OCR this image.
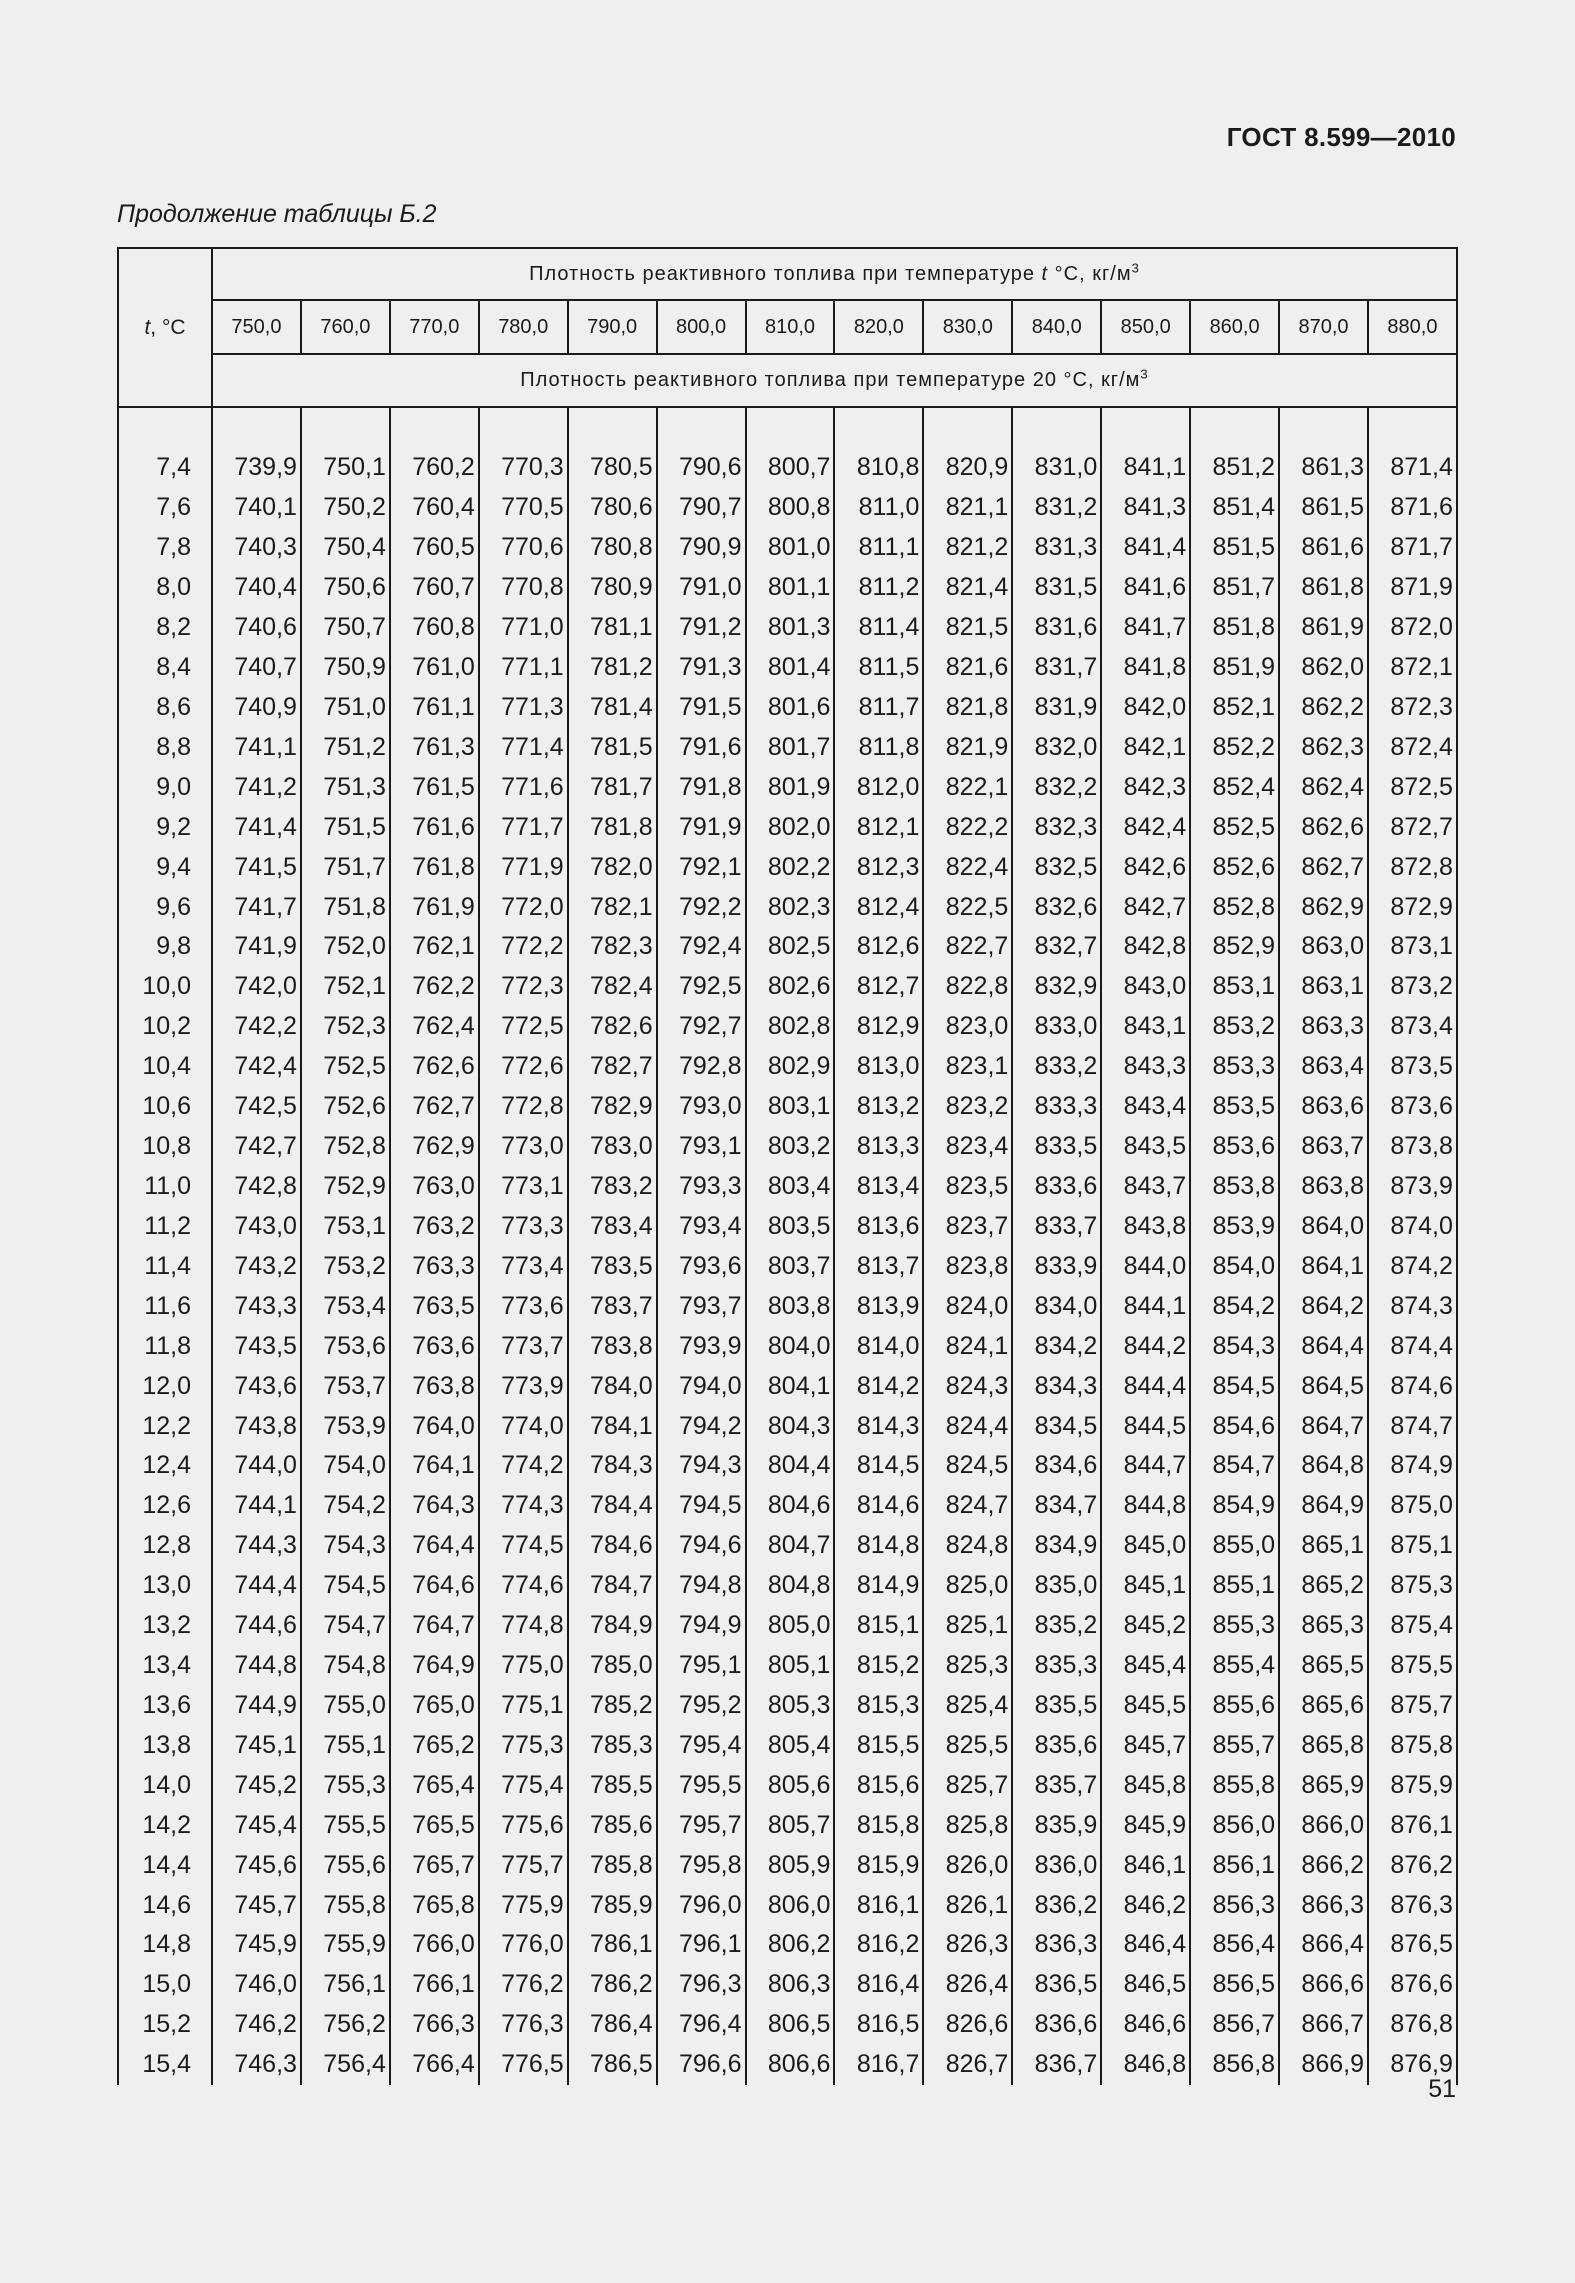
ГОСТ 8.599—2010
Продолжение таблицы Б.2
t, °С	Плотность реактивного топлива при температуре t °С, $кг/м^3$
	750,0	760,0	770,0	780,0	790,0	800,0	810,0	820,0	830,0	840,0	850,0	860,0	870,0	880,0
	Плотность реактивного топлива при температуре 20 °С, $кг/м^3$

7,4	739,9	750,1	760,2	770,3	780,5	790,6	800,7	810,8	820,9	831,0	841,1	851,2	861,3	871,4
7,6	740,1	750,2	760,4	770,5	780,6	790,7	800,8	811,0	821,1	831,2	841,3	851,4	861,5	871,6
7,8	740,3	750,4	760,5	770,6	780,8	790,9	801,0	811,1	821,2	831,3	841,4	851,5	861,6	871,7
8,0	740,4	750,6	760,7	770,8	780,9	791,0	801,1	811,2	821,4	831,5	841,6	851,7	861,8	871,9
8,2	740,6	750,7	760,8	771,0	781,1	791,2	801,3	811,4	821,5	831,6	841,7	851,8	861,9	872,0
8,4	740,7	750,9	761,0	771,1	781,2	791,3	801,4	811,5	821,6	831,7	841,8	851,9	862,0	872,1
8,6	740,9	751,0	761,1	771,3	781,4	791,5	801,6	811,7	821,8	831,9	842,0	852,1	862,2	872,3
8,8	741,1	751,2	761,3	771,4	781,5	791,6	801,7	811,8	821,9	832,0	842,1	852,2	862,3	872,4
9,0	741,2	751,3	761,5	771,6	781,7	791,8	801,9	812,0	822,1	832,2	842,3	852,4	862,4	872,5
9,2	741,4	751,5	761,6	771,7	781,8	791,9	802,0	812,1	822,2	832,3	842,4	852,5	862,6	872,7
9,4	741,5	751,7	761,8	771,9	782,0	792,1	802,2	812,3	822,4	832,5	842,6	852,6	862,7	872,8
9,6	741,7	751,8	761,9	772,0	782,1	792,2	802,3	812,4	822,5	832,6	842,7	852,8	862,9	872,9
9,8	741,9	752,0	762,1	772,2	782,3	792,4	802,5	812,6	822,7	832,7	842,8	852,9	863,0	873,1
10,0	742,0	752,1	762,2	772,3	782,4	792,5	802,6	812,7	822,8	832,9	843,0	853,1	863,1	873,2
10,2	742,2	752,3	762,4	772,5	782,6	792,7	802,8	812,9	823,0	833,0	843,1	853,2	863,3	873,4
10,4	742,4	752,5	762,6	772,6	782,7	792,8	802,9	813,0	823,1	833,2	843,3	853,3	863,4	873,5
10,6	742,5	752,6	762,7	772,8	782,9	793,0	803,1	813,2	823,2	833,3	843,4	853,5	863,6	873,6
10,8	742,7	752,8	762,9	773,0	783,0	793,1	803,2	813,3	823,4	833,5	843,5	853,6	863,7	873,8
11,0	742,8	752,9	763,0	773,1	783,2	793,3	803,4	813,4	823,5	833,6	843,7	853,8	863,8	873,9
11,2	743,0	753,1	763,2	773,3	783,4	793,4	803,5	813,6	823,7	833,7	843,8	853,9	864,0	874,0
11,4	743,2	753,2	763,3	773,4	783,5	793,6	803,7	813,7	823,8	833,9	844,0	854,0	864,1	874,2
11,6	743,3	753,4	763,5	773,6	783,7	793,7	803,8	813,9	824,0	834,0	844,1	854,2	864,2	874,3
11,8	743,5	753,6	763,6	773,7	783,8	793,9	804,0	814,0	824,1	834,2	844,2	854,3	864,4	874,4
12,0	743,6	753,7	763,8	773,9	784,0	794,0	804,1	814,2	824,3	834,3	844,4	854,5	864,5	874,6
12,2	743,8	753,9	764,0	774,0	784,1	794,2	804,3	814,3	824,4	834,5	844,5	854,6	864,7	874,7
12,4	744,0	754,0	764,1	774,2	784,3	794,3	804,4	814,5	824,5	834,6	844,7	854,7	864,8	874,9
12,6	744,1	754,2	764,3	774,3	784,4	794,5	804,6	814,6	824,7	834,7	844,8	854,9	864,9	875,0
12,8	744,3	754,3	764,4	774,5	784,6	794,6	804,7	814,8	824,8	834,9	845,0	855,0	865,1	875,1
13,0	744,4	754,5	764,6	774,6	784,7	794,8	804,8	814,9	825,0	835,0	845,1	855,1	865,2	875,3
13,2	744,6	754,7	764,7	774,8	784,9	794,9	805,0	815,1	825,1	835,2	845,2	855,3	865,3	875,4
13,4	744,8	754,8	764,9	775,0	785,0	795,1	805,1	815,2	825,3	835,3	845,4	855,4	865,5	875,5
13,6	744,9	755,0	765,0	775,1	785,2	795,2	805,3	815,3	825,4	835,5	845,5	855,6	865,6	875,7
13,8	745,1	755,1	765,2	775,3	785,3	795,4	805,4	815,5	825,5	835,6	845,7	855,7	865,8	875,8
14,0	745,2	755,3	765,4	775,4	785,5	795,5	805,6	815,6	825,7	835,7	845,8	855,8	865,9	875,9
14,2	745,4	755,5	765,5	775,6	785,6	795,7	805,7	815,8	825,8	835,9	845,9	856,0	866,0	876,1
14,4	745,6	755,6	765,7	775,7	785,8	795,8	805,9	815,9	826,0	836,0	846,1	856,1	866,2	876,2
14,6	745,7	755,8	765,8	775,9	785,9	796,0	806,0	816,1	826,1	836,2	846,2	856,3	866,3	876,3
14,8	745,9	755,9	766,0	776,0	786,1	796,1	806,2	816,2	826,3	836,3	846,4	856,4	866,4	876,5
15,0	746,0	756,1	766,1	776,2	786,2	796,3	806,3	816,4	826,4	836,5	846,5	856,5	866,6	876,6
15,2	746,2	756,2	766,3	776,3	786,4	796,4	806,5	816,5	826,6	836,6	846,6	856,7	866,7	876,8
15,4	746,3	756,4	766,4	776,5	786,5	796,6	806,6	816,7	826,7	836,7	846,8	856,8	866,9	876,9
51
